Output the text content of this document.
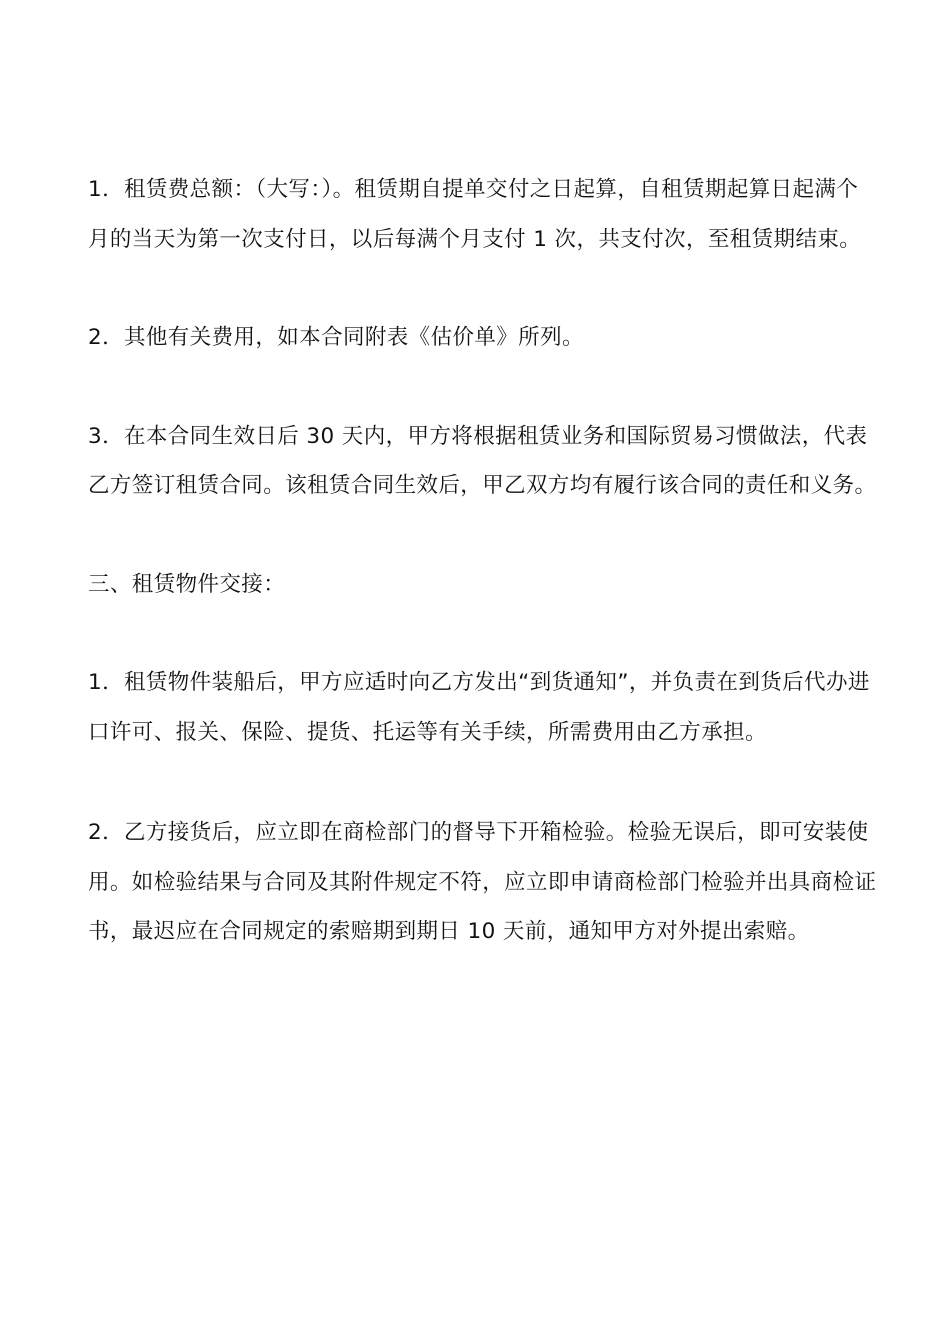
1．租赁费总额：（大写：）。租赁期自提单交付之日起算，自租赁期起算日起满个月的当天为第一次支付日，以后每满个月支付 1 次，共支付次，至租赁期结束。

2．其他有关费用，如本合同附表《估价单》所列。

3．在本合同生效日后 30 天内，甲方将根据租赁业务和国际贸易习惯做法，代表乙方签订租赁合同。该租赁合同生效后，甲乙双方均有履行该合同的责任和义务。

三、租赁物件交接：

1．租赁物件装船后，甲方应适时向乙方发出“到货通知”，并负责在到货后代办进口许可、报关、保险、提货、托运等有关手续，所需费用由乙方承担。

2．乙方接货后，应立即在商检部门的督导下开箱检验。检验无误后，即可安装使用。如检验结果与合同及其附件规定不符，应立即申请商检部门检验并出具商检证书，最迟应在合同规定的索赔期到期日 10 天前，通知甲方对外提出索赔。
